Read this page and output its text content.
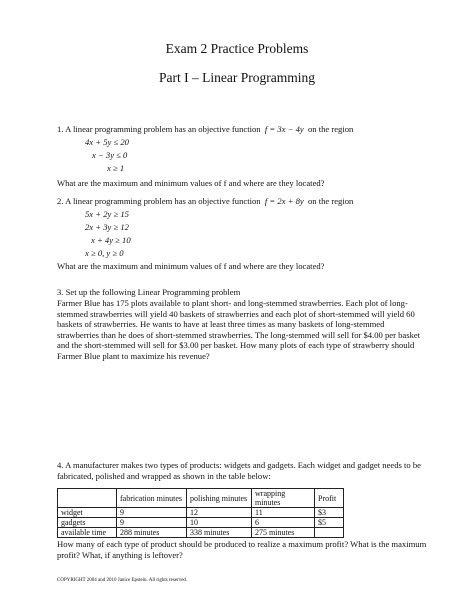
Exam 2 Practice Problems
Part I – Linear Programming
1. A linear programming problem has an objective function f = 3x − 4y on the region
4x + 5y ≤ 20
x − 3y ≤ 0
x ≥ 1
What are the maximum and minimum values of f and where are they located?
2. A linear programming problem has an objective function f = 2x + 8y on the region
5x + 2y ≥ 15
2x + 3y ≥ 12
x + 4y ≥ 10
x ≥ 0, y ≥ 0
What are the maximum and minimum values of f and where are they located?
3. Set up the following Linear Programming problem
Farmer Blue has 175 plots available to plant short- and long-stemmed strawberries. Each plot of long-stemmed strawberries will yield 40 baskets of strawberries and each plot of short-stemmed will yield 60 baskets of strawberries. He wants to have at least three times as many baskets of long-stemmed strawberries than he does of short-stemmed strawberries. The long-stemmed will sell for $4.00 per basket and the short-stemmed will sell for $3.00 per basket. How many plots of each type of strawberry should Farmer Blue plant to maximize his revenue?
4. A manufacturer makes two types of products: widgets and gadgets. Each widget and gadget needs to be fabricated, polished and wrapped as shown in the table below:
	fabrication minutes	polishing minutes	wrapping minutes	Profit
widget	9	12	11	$3
gadgets	9	10	6	$5
available time	288 minutes	338 minutes	275 minutes	
How many of each type of product should be produced to realize a maximum profit? What is the maximum profit? What, if anything is leftover?
COPYRIGHT 2004 and 2010 Janice Epstein. All rights reserved.
